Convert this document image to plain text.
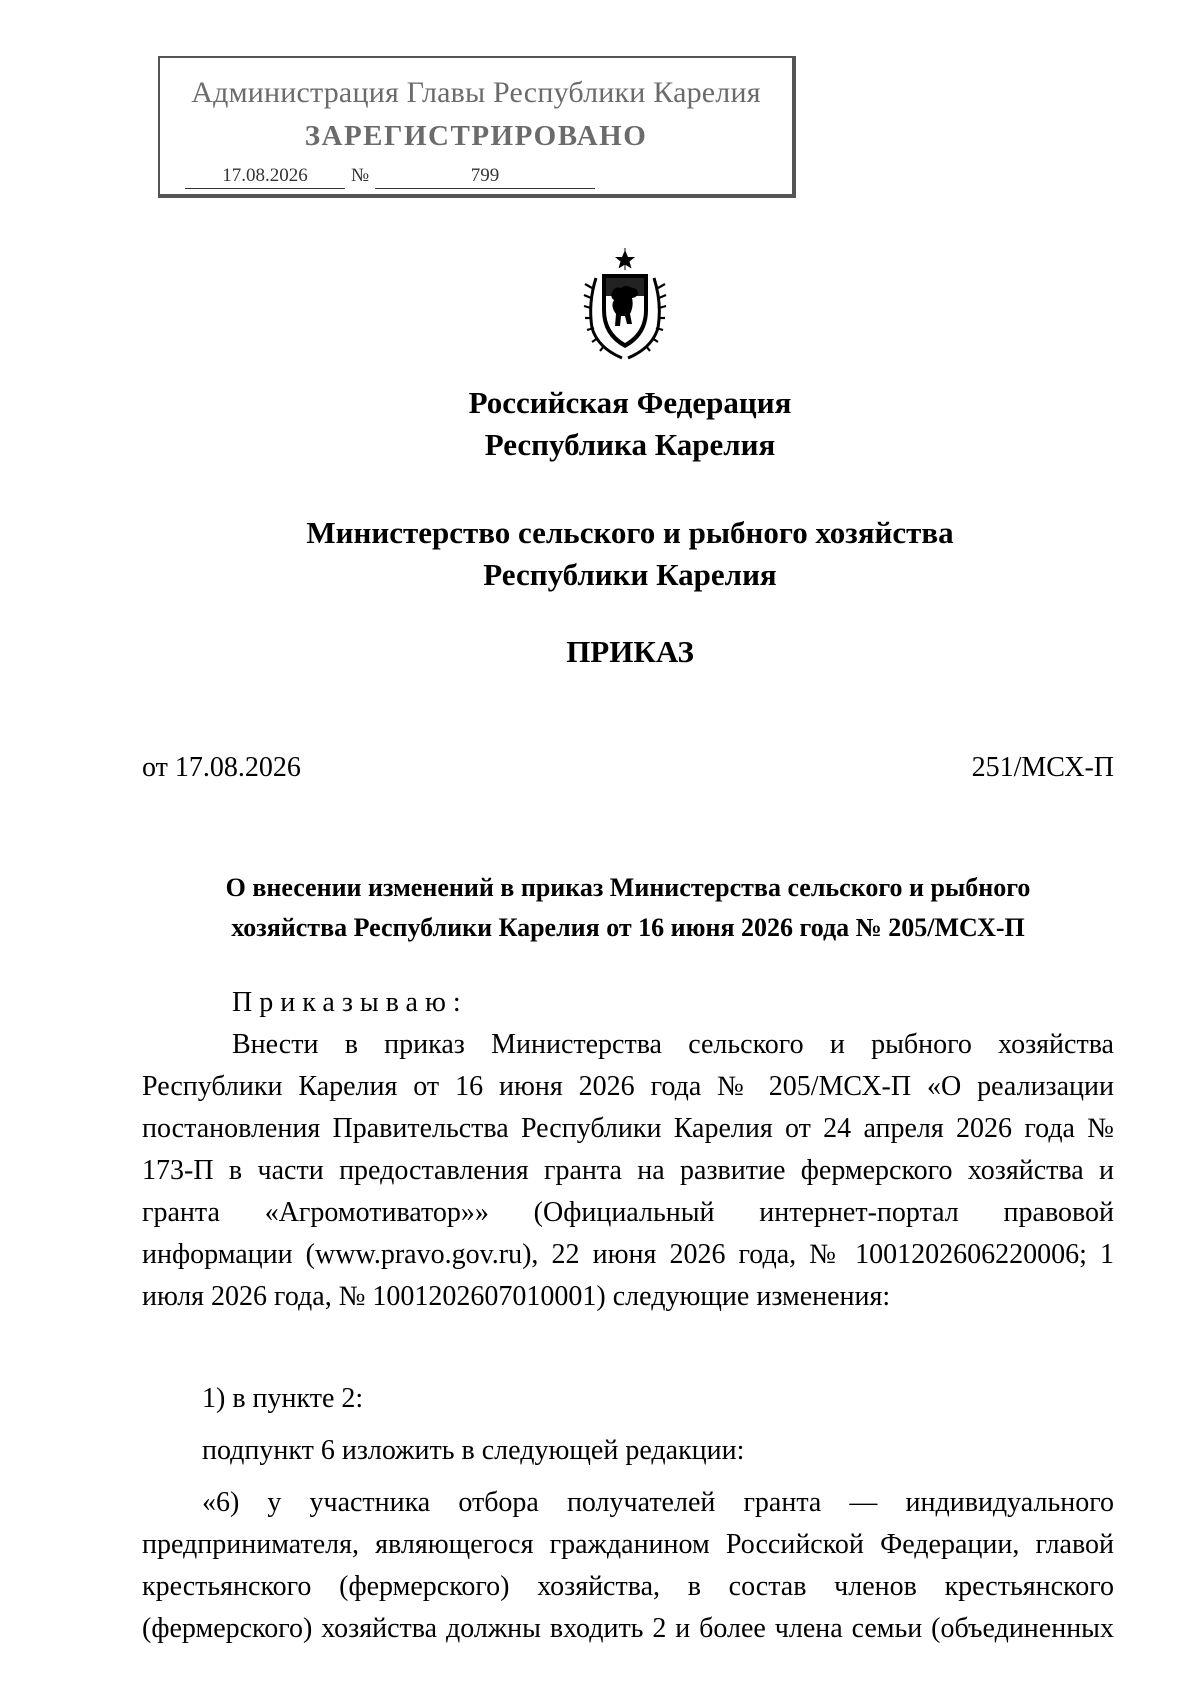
Администрация Главы Республики Карелия
ЗАРЕГИСТРИРОВАНО
17.08.2026	№	799
Российская Федерация
Республика Карелия
Министерство сельского и рыбного хозяйства
Республики Карелия
ПРИКАЗ
от 17.08.2026	251/МСХ-П
О внесении изменений в приказ Министерства сельского и рыбного
хозяйства Республики Карелия от 16 июня 2026 года № 205/МСХ-П
Приказываю:
Внести в приказ Министерства сельского и рыбного хозяйства
Республики Карелия от 16 июня 2026 года № 205/МСХ-П «О реализации
постановления Правительства Республики Карелия от 24 апреля 2026 года №
173-П в части предоставления гранта на развитие фермерского хозяйства и
гранта «Агромотиватор»» (Официальный интернет-портал правовой
информации (www.pravo.gov.ru), 22 июня 2026 года, № 1001202606220006; 1
июля 2026 года, № 1001202607010001) следующие изменения:
1) в пункте 2:
подпункт 6 изложить в следующей редакции:
«6) у участника отбора получателей гранта — индивидуального
предпринимателя, являющегося гражданином Российской Федерации, главой
крестьянского (фермерского) хозяйства, в состав членов крестьянского
(фермерского) хозяйства должны входить 2 и более члена семьи (объединенных
